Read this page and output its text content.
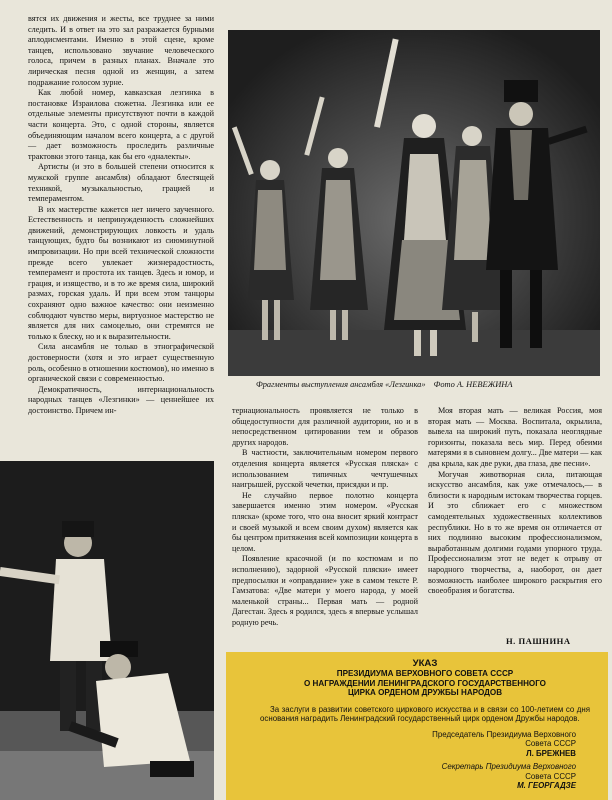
вятся их движения и жесты, все труднее за ними следить. И в ответ на это зал разражается бурными аплодисментами. Именно в этой сцене, кроме танцев, использовано звучание человеческого голоса, причем в разных планах. Вначале это лирическая песня одной из женщин, а затем подражание голосом зурне.

Как любой номер, кавказская лезгинка в постановке Израилова сюжетна. Лезгинка или ее отдельные элементы присутствуют почти в каждой части концерта. Это, с одной стороны, является объединяющим началом всего концерта, а с другой — дает возможность проследить различные трактовки этого танца, как бы его «дналекты».

Артисты (и это в большей степени относится к мужской группе ансамбля) обладают блестящей техникой, музыкальностью, грацией и темпераментом.

В их мастерстве кажется нет ничего заученного. Естественность и непринужденность сложнейших движений, демонстрирующих ловкость и удаль танцующих, будто бы возникают из сиюминутной импровизации. Но при всей технической сложности прежде всего увлекает жизнерадостность, темперамент и простота их танцев. Здесь и юмор, и грация, и изящество, и в то же время сила, широкий размах, горская удаль. И при всем этом танцоры сохраняют одно важное качество: они неизменно соблюдают чувство меры, виртуозное мастерство не является для них самоцелью, они стремятся не только к блеску, но и к выразительности.

Сила ансамбля не только в этнографической достоверности (хотя и это играет существенную роль, особенно в отношении костюмов), но именно в органической связи с современностью.

Демократичность, интернациональность народных танцев «Лезгинки» — ценнейшее их достоинство. Причем ин-

Фрагменты выступления ансамбля «Лезгинка» Фото А. НЕВЕЖИНА

тернациональность проявляется не только в общедоступности для различной аудитории, но и в непосредственном цитировании тем и образов других народов.

В частности, заключительным номером первого отделения концерта является «Русская пляска» с использованием типичных чечтушечных наигрышей, русской чечетки, присядки и пр.

Не случайно первое полотно концерта завершается именно этим номером. «Русская пляска» (кроме того, что она вносит яркий контраст и своей музыкой и всем своим духом) является как бы центром притяжения всей композиции концерта в целом.

Появление красочной (и по костюмам и по исполнению), задорной «Русской пляски» имеет предпосылки и «оправдание» уже в самом тексте Р. Гамзатова: «Две матери у моего народа, у моей маленькой страны... Первая мать — родной Дагестан. Здесь я родился, здесь я впервые услышал родную речь.

Моя вторая мать — великая Россия, моя вторая мать — Москва. Воспитала, окрылила, вывела на широкий путь, показала неоглядные горизонты, показала весь мир. Перед обеими матерями я в сыновнем долгу... Две матери — как два крыла, как две руки, два глаза, две песни».

Могучая животворная сила, питающая искусство ансамбля, как уже отмечалось,— в близости к народным истокам творчества горцев. И это сближает его с множеством самодеятельных художественных коллективов республики. Но в то же время он отличается от них подлинно высоким профессионализмом, выработанным долгими годами упорного труда. Профессионализм этот не ведет к отрыву от народного творчества, а, наоборот, он дает возможность наиболее широкого раскрытия его своеобразия и богатства.

Н. ПАШНИНА
УКАЗ
ПРЕЗИДИУМА ВЕРХОВНОГО СОВЕТА СССР
О НАГРАЖДЕНИИ ЛЕНИНГРАДСКОГО ГОСУДАРСТВЕННОГО
ЦИРКА ОРДЕНОМ ДРУЖБЫ НАРОДОВ
За заслуги в развитии советского циркового искусства и в связи со 100-летием со дня основания наградить Ленинградский государственный цирк орденом Дружбы народов.
Председатель Президиума Верховного
Совета СССР
Л. БРЕЖНЕВ
Секретарь Президиума Верховного
Совета СССР
М. ГЕОРГАДЗЕ
